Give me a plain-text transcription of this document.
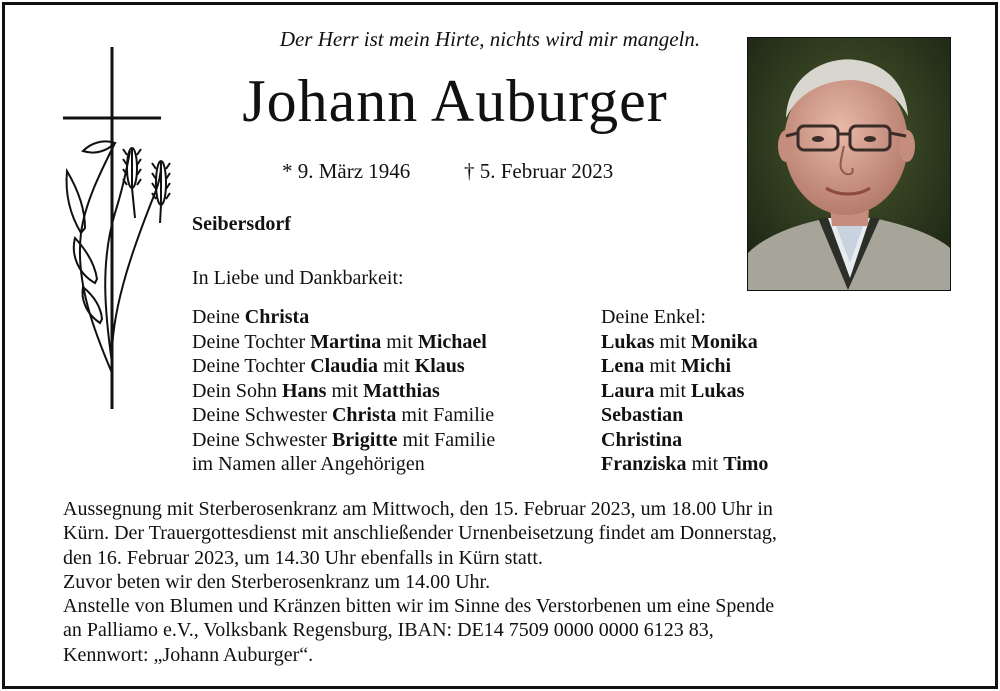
Der Herr ist mein Hirte, nichts wird mir mangeln.
Johann Auburger
* 9. März 1946	† 5. Februar 2023
Seibersdorf
In Liebe und Dankbarkeit:
Deine Christa
Deine Tochter Martina mit Michael
Deine Tochter Claudia mit Klaus
Dein Sohn Hans mit Matthias
Deine Schwester Christa mit Familie
Deine Schwester Brigitte mit Familie
im Namen aller Angehörigen
Deine Enkel:
Lukas mit Monika
Lena mit Michi
Laura mit Lukas
Sebastian
Christina
Franziska mit Timo
Aussegnung mit Sterberosenkranz am Mittwoch, den 15. Februar 2023, um 18.00 Uhr in
Kürn. Der Trauergottesdienst mit anschließender Urnenbeisetzung findet am Donnerstag,
den 16. Februar 2023, um 14.30 Uhr ebenfalls in Kürn statt.
Zuvor beten wir den Sterberosenkranz um 14.00 Uhr.
Anstelle von Blumen und Kränzen bitten wir im Sinne des Verstorbenen um eine Spende
an Palliamo e.V., Volksbank Regensburg, IBAN: DE14 7509 0000 0000 6123 83,
Kennwort: „Johann Auburger“.
